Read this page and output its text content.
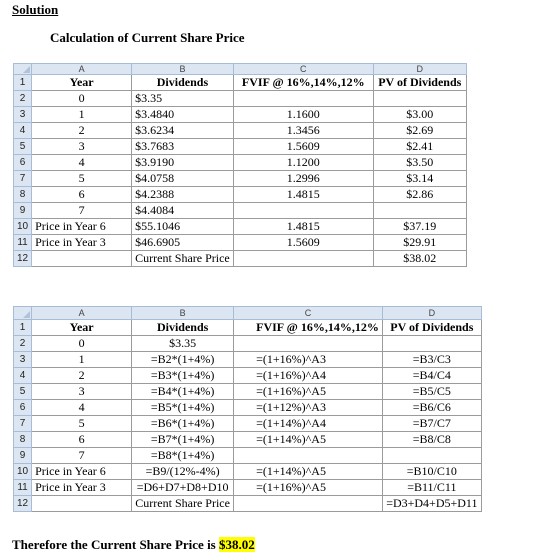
Solution
Calculation of Current Share Price
	A	B	C	D
1	Year	Dividends	FVIF @ 16%,14%,12%	PV of Dividends
2	0	$3.35		
3	1	$3.4840	1.1600	$3.00
4	2	$3.6234	1.3456	$2.69
5	3	$3.7683	1.5609	$2.41
6	4	$3.9190	1.1200	$3.50
7	5	$4.0758	1.2996	$3.14
8	6	$4.2388	1.4815	$2.86
9	7	$4.4084		
10	Price in Year 6	$55.1046	1.4815	$37.19
11	Price in Year 3	$46.6905	1.5609	$29.91
12		Current Share Price		$38.02
	A	B	C	D
1	Year	Dividends	FVIF @ 16%,14%,12%	PV of Dividends
2	0	$3.35		
3	1	=B2*(1+4%)	=(1+16%)^A3	=B3/C3
4	2	=B3*(1+4%)	=(1+16%)^A4	=B4/C4
5	3	=B4*(1+4%)	=(1+16%)^A5	=B5/C5
6	4	=B5*(1+4%)	=(1+12%)^A3	=B6/C6
7	5	=B6*(1+4%)	=(1+14%)^A4	=B7/C7
8	6	=B7*(1+4%)	=(1+14%)^A5	=B8/C8
9	7	=B8*(1+4%)		
10	Price in Year 6	=B9/(12%-4%)	=(1+14%)^A5	=B10/C10
11	Price in Year 3	=D6+D7+D8+D10	=(1+16%)^A5	=B11/C11
12		Current Share Price		=D3+D4+D5+D11
Therefore the Current Share Price is $38.02
